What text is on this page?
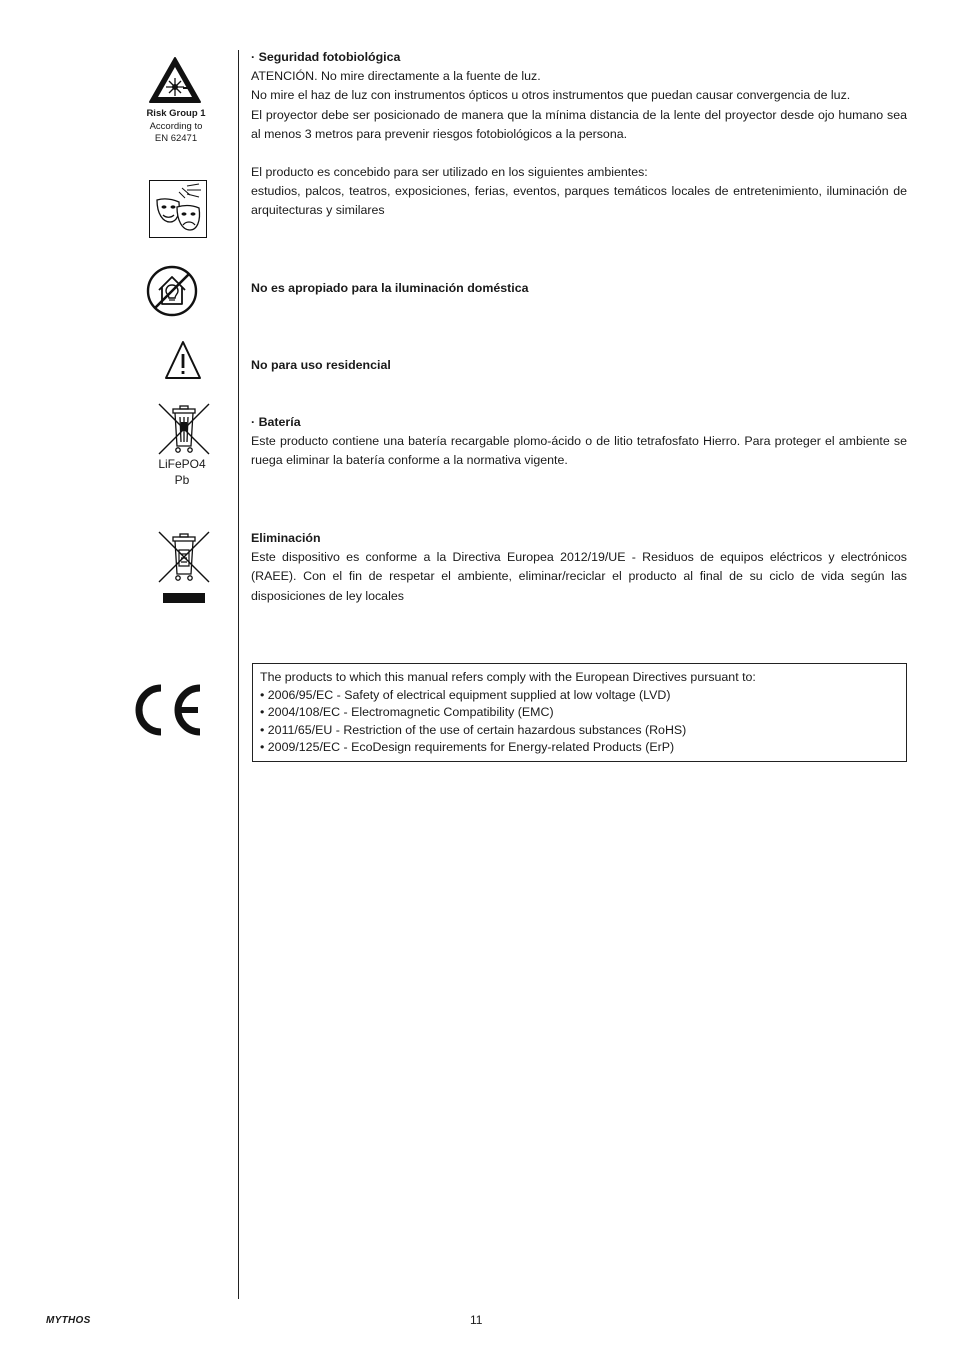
Risk Group 1
According to
EN 62471
LiFePO4
Pb

· Seguridad fotobiológica

ATENCIÓN. No mire directamente a la fuente de luz.

No mire el haz de luz con instrumentos ópticos u otros instrumentos que puedan causar convergencia de luz.

El proyector debe ser posicionado de manera que la mínima distancia de la lente del proyector desde ojo humano sea al menos 3 metros para prevenir riesgos fotobiológicos a la persona.

El producto es concebido para ser utilizado en los siguientes ambientes:

estudios, palcos, teatros, exposiciones, ferias, eventos, parques temáticos locales de entretenimiento, iluminación de arquitecturas y similares

No es apropiado para la iluminación doméstica

No para uso residencial

· Batería

Este producto contiene una batería recargable plomo-ácido o de litio tetrafosfato Hierro. Para proteger el ambiente se ruega eliminar la batería conforme a la normativa vigente.

Eliminación

Este dispositivo es conforme a la Directiva Europea 2012/19/UE - Residuos de equipos eléctricos y electrónicos (RAEE). Con el fin de respetar el ambiente, eliminar/reciclar el producto al final de su ciclo de vida según las disposiciones de ley locales

The products to which this manual refers comply with the European Directives pursuant to:

• 2006/95/EC - Safety of electrical equipment supplied at low voltage (LVD)

• 2004/108/EC - Electromagnetic Compatibility (EMC)

• 2011/65/EU - Restriction of the use of certain hazardous substances (RoHS)

• 2009/125/EC - EcoDesign requirements for Energy-related Products (ErP)

MYTHOS	11
